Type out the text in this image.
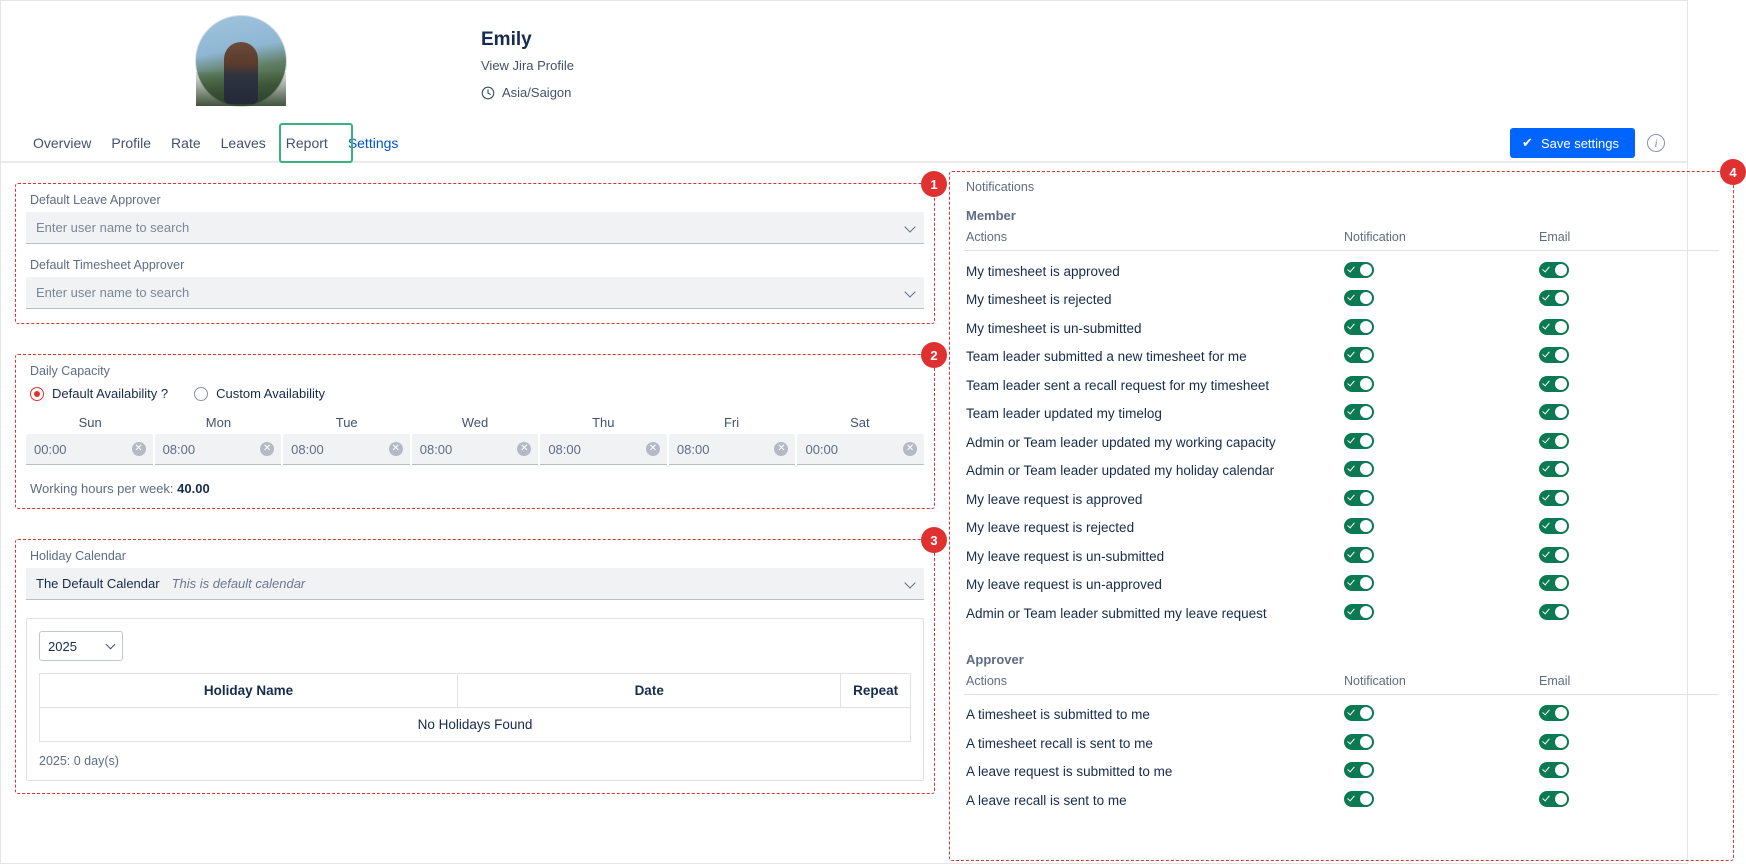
Emily
View Jira Profile
Asia/Saigon
Overview	Profile	Rate	Leaves	Report	Settings	✔ Save settings	i
1
Default Leave Approver
Enter user name to search
Default Timesheet Approver
Enter user name to search
2
Daily Capacity
Default Availability ?	Custom Availability
Sun	Mon	Tue	Wed	Thu	Fri	Sat
00:00	✕ 08:00	✕ 08:00	✕ 08:00	✕ 08:00	✕ 08:00	✕ 00:00	✕
Working hours per week: 40.00
3
Holiday Calendar
The Default Calendar This is default calendar
2025
Holiday Name	Date	Repeat
No Holidays Found
2025: 0 day(s)
4
Notifications
Member
Actions	Notification	Email
My timesheet is approved
My timesheet is rejected
My timesheet is un-submitted
Team leader submitted a new timesheet for me
Team leader sent a recall request for my timesheet
Team leader updated my timelog
Admin or Team leader updated my working capacity
Admin or Team leader updated my holiday calendar
My leave request is approved
My leave request is rejected
My leave request is un-submitted
My leave request is un-approved
Admin or Team leader submitted my leave request
Approver
Actions	Notification	Email
A timesheet is submitted to me
A timesheet recall is sent to me
A leave request is submitted to me
A leave recall is sent to me
